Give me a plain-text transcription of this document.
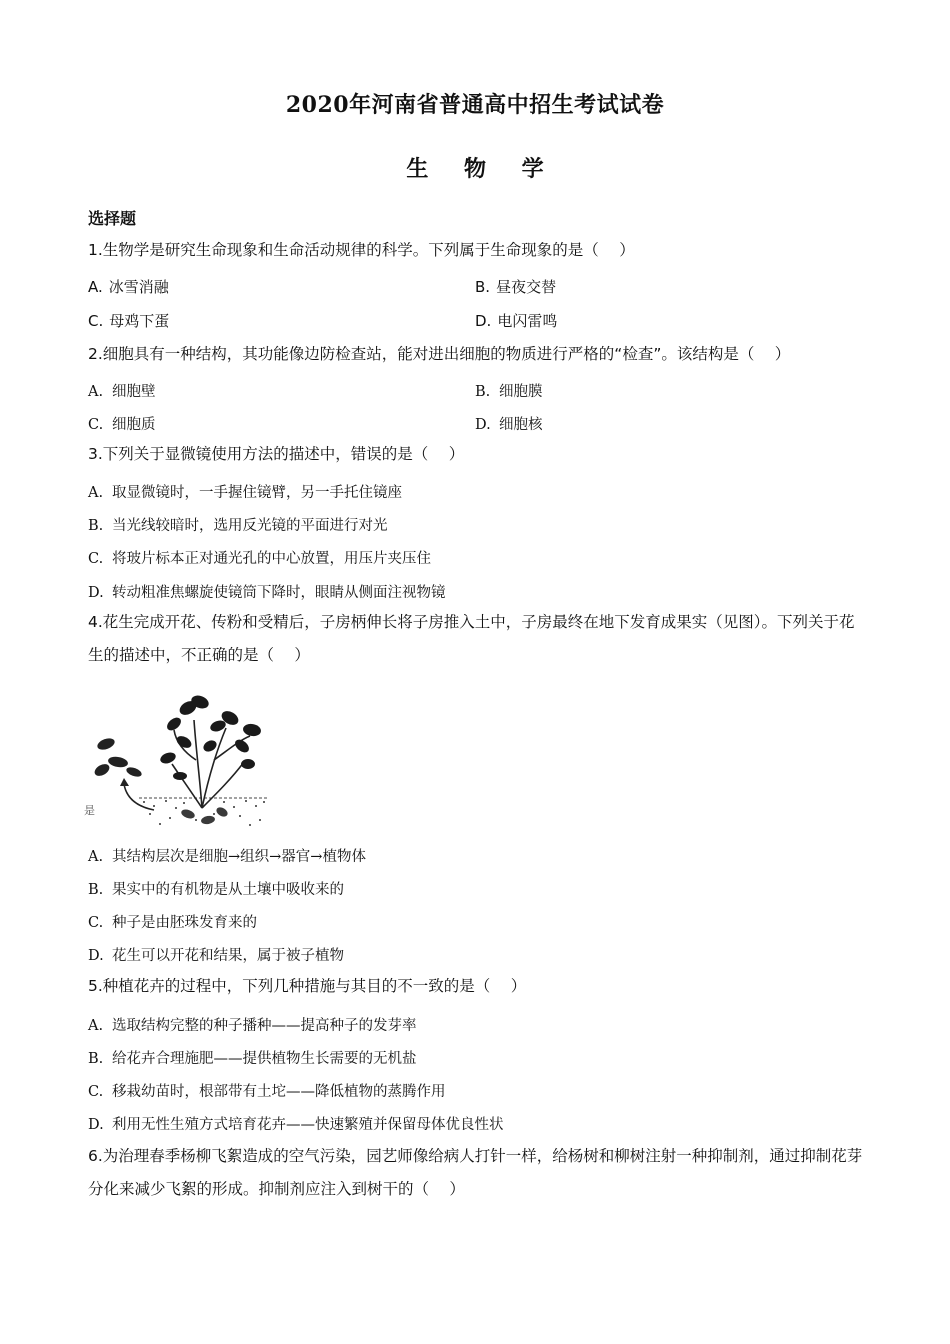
2020年河南省普通高中招生考试试卷
生 物 学
选择题
1.生物学是研究生命现象和生命活动规律的科学。下列属于生命现象的是（　 ）
A. 冰雪消融	B. 昼夜交替
C. 母鸡下蛋	D. 电闪雷鸣
2.细胞具有一种结构，其功能像边防检查站，能对进出细胞的物质进行严格的“检查”。该结构是（　 ）
A. 细胞壁	B. 细胞膜
C. 细胞质	D. 细胞核
3.下列关于显微镜使用方法的描述中，错误的是（　 ）
A. 取显微镜时，一手握住镜臂，另一手托住镜座
B. 当光线较暗时，选用反光镜的平面进行对光
C. 将玻片标本正对通光孔的中心放置，用压片夹压住
D. 转动粗准焦螺旋使镜筒下降时，眼睛从侧面注视物镜
4.花生完成开花、传粉和受精后，子房柄伸长将子房推入土中，子房最终在地下发育成果实（见图）。下列关于花生的描述中，不正确的是（　 ）
是
A. 其结构层次是细胞→组织→器官→植物体
B. 果实中的有机物是从土壤中吸收来的
C. 种子是由胚珠发育来的
D. 花生可以开花和结果，属于被子植物
5.种植花卉的过程中，下列几种措施与其目的不一致的是（　 ）
A. 选取结构完整的种子播种——提高种子的发芽率
B. 给花卉合理施肥——提供植物生长需要的无机盐
C. 移栽幼苗时，根部带有土坨——降低植物的蒸腾作用
D. 利用无性生殖方式培育花卉——快速繁殖并保留母体优良性状
6.为治理春季杨柳飞絮造成的空气污染，园艺师像给病人打针一样，给杨树和柳树注射一种抑制剂，通过抑制花芽分化来减少飞絮的形成。抑制剂应注入到树干的（　 ）
